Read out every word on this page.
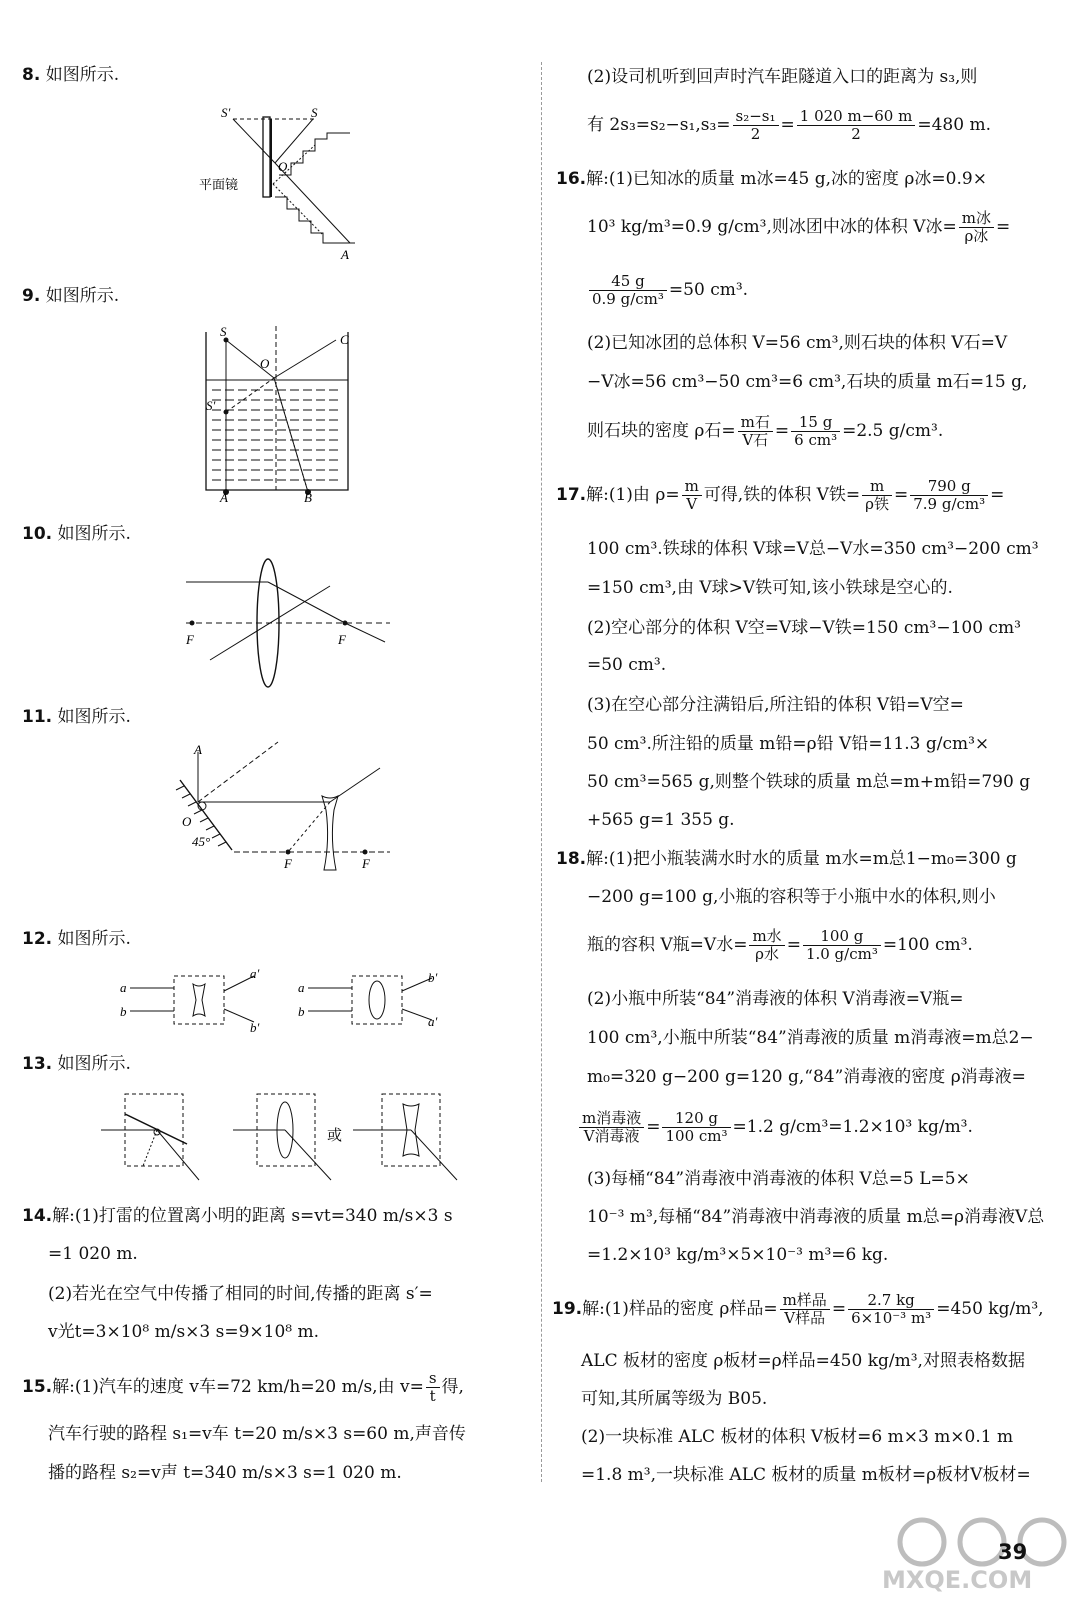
8. 如图所示.
S′	S
O
A
平面镜
9. 如图所示.
S
O
C
S′
A	B
10. 如图所示.
F	F
11. 如图所示.
A
O
45°
F	F
12. 如图所示.
a
b
a′
b′
a
b
b′
a′
13. 如图所示.
或
14.解:(1)打雷的位置离小明的距离 s=vt=340 m/s×3 s
=1 020 m.
(2)若光在空气中传播了相同的时间,传播的距离 s′=
v光t=3×10⁸ m/s×3 s=9×10⁸ m.
15.解:(1)汽车的速度 v车=72 km/h=20 m/s,由 $v= \frac{s}{t}$ 得,
汽车行驶的路程 s₁=v车 t=20 m/s×3 s=60 m,声音传
播的路程 s₂=v声 t=340 m/s×3 s=1 020 m.
(2)设司机听到回声时汽车距隧道入口的距离为 s₃,则
有 $2s_3=s_2-s_1,s_3= \frac{\text{s₂−s₁}}{2} = \frac{1 020 m-60 m}{2} =480$ m.
16.解:(1)已知冰的质量 m冰=45 g,冰的密度 ρ冰=0.9×
10³ kg/m³=0.9 g/cm³,则冰团中冰的体积 V冰= $\frac{\text{m冰}}{\text{ρ冰}}$ =
$\frac{45 g}{\text{0.9 g/cm³}} =50$ cm³.
(2)已知冰团的总体积 V=56 cm³,则石块的体积 V石=V
−V冰=56 cm³−50 cm³=6 cm³,石块的质量 m石=15 g,
则石块的密度 ρ石= $\frac{\text{m石}}{\text{V石}} = \frac{15 g}{\text{6 cm³}} =2.5$ g/cm³.
17.解:(1)由 $\rho= \frac{m}{V}$ 可得,铁的体积 V铁= $\frac{m}{\text{ρ铁}} = \frac{790 g}{\text{7.9 g/cm³}}$ =
100 cm³.铁球的体积 V球=V总−V水=350 cm³−200 cm³
=150 cm³,由 V球>V铁可知,该小铁球是空心的.
(2)空心部分的体积 V空=V球−V铁=150 cm³−100 cm³
=50 cm³.
(3)在空心部分注满铅后,所注铅的体积 V铅=V空=
50 cm³.所注铅的质量 m铅=ρ铅 V铅=11.3 g/cm³×
50 cm³=565 g,则整个铁球的质量 m总=m+m铅=790 g
+565 g=1 355 g.
18.解:(1)把小瓶装满水时水的质量 m水=m总1−m₀=300 g
−200 g=100 g,小瓶的容积等于小瓶中水的体积,则小
瓶的容积 V瓶=V水= $\frac{\text{m水}}{\text{ρ水}} = \frac{100 g}{\text{1.0 g/cm³}} =100$ cm³.
(2)小瓶中所装“84”消毒液的体积 V消毒液=V瓶=
100 cm³,小瓶中所装“84”消毒液的质量 m消毒液=m总2−
m₀=320 g−200 g=120 g,“84”消毒液的密度 ρ消毒液=
$\frac{\text{m消毒液}}{\text{V消毒液}} = \frac{120 g}{\text{100 cm³}} =1.2$ g/cm³=1.2×10³ kg/m³.
(3)每桶“84”消毒液中消毒液的体积 V总=5 L=5×
10⁻³ m³,每桶“84”消毒液中消毒液的质量 m总=ρ消毒液V总
=1.2×10³ kg/m³×5×10⁻³ m³=6 kg.
19.解:(1)样品的密度 ρ样品= $\frac{\text{m样品}}{\text{V样品}} = \frac{2.7 kg}{\text{6×10⁻³ m³}} =450$ kg/m³,
ALC 板材的密度 ρ板材=ρ样品=450 kg/m³,对照表格数据
可知,其所属等级为 B05.
(2)一块标准 ALC 板材的体积 V板材=6 m×3 m×0.1 m
=1.8 m³,一块标准 ALC 板材的质量 m板材=ρ板材V板材=
MXQE.COM
39
